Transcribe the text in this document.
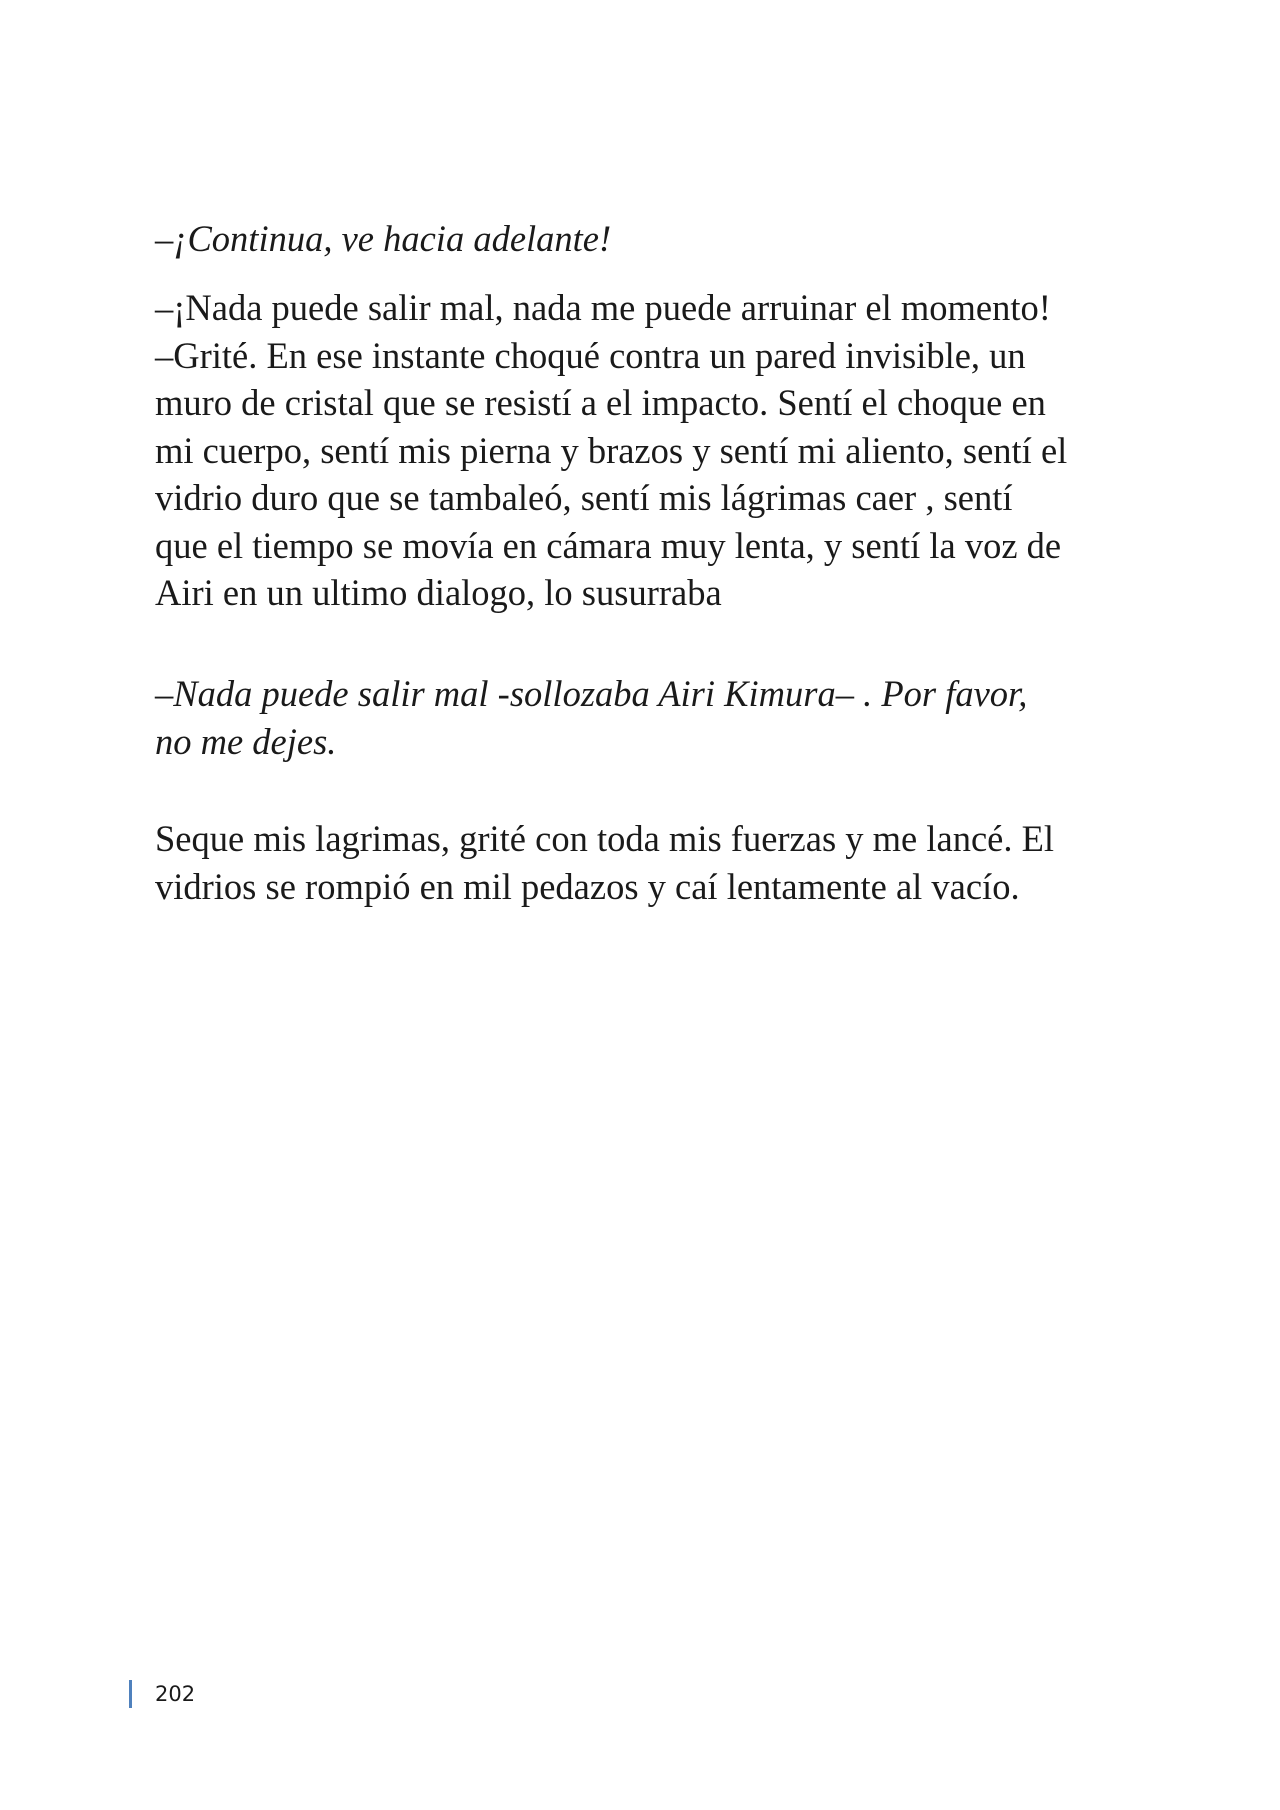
–¡Continua, ve hacia adelante!

–¡Nada puede salir mal, nada me puede arruinar el momento!
–Grité. En ese instante choqué contra un pared invisible, un
muro de cristal que se resistí a el impacto. Sentí el choque en
mi cuerpo, sentí mis pierna y brazos y sentí mi aliento, sentí el
vidrio duro que se tambaleó, sentí mis lágrimas caer , sentí
que el tiempo se movía en cámara muy lenta, y sentí la voz de
Airi en un ultimo dialogo, lo susurraba

–Nada puede salir mal -sollozaba Airi Kimura– . Por favor,
no me dejes.

Seque mis lagrimas, grité con toda mis fuerzas y me lancé. El
vidrios se rompió en mil pedazos y caí lentamente al vacío.

202
